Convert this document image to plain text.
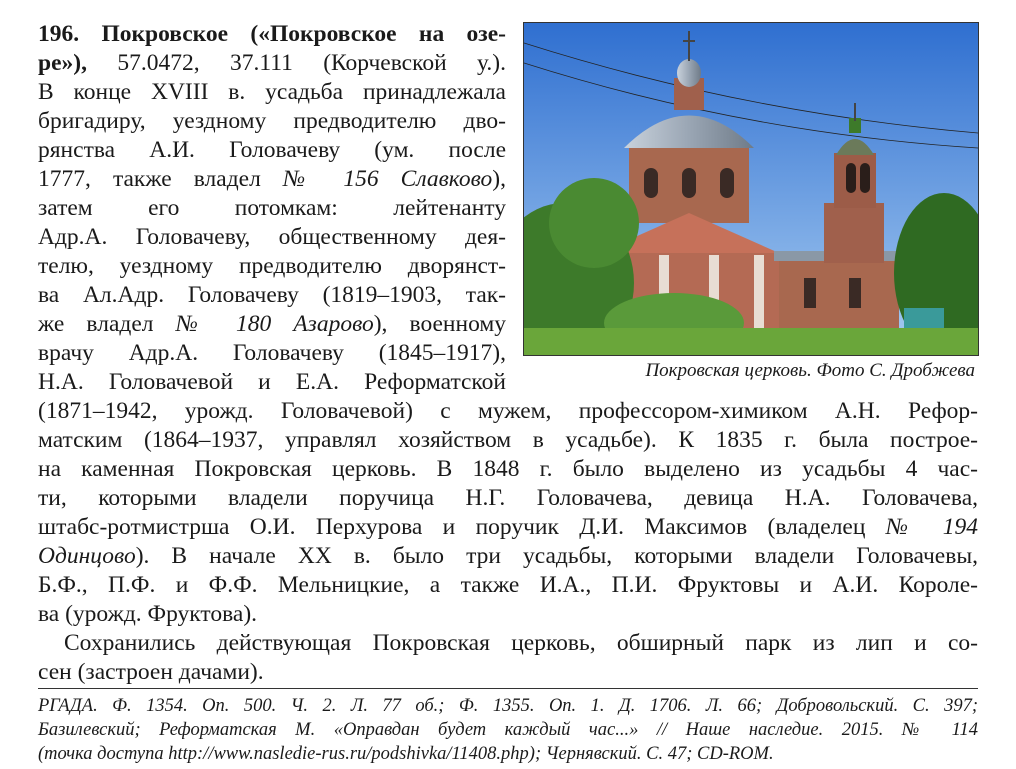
196. Покровское («Покровское на озе-
ре»), 57.0472, 37.111 (Корчевской у.).
В конце XVIII в. усадьба принадлежала
бригадиру, уездному предводителю дво-
рянства А.И. Головачеву (ум. после
1777, также владел № 156 Славково),
затем его потомкам: лейтенанту
Адр.А. Головачеву, общественному дея-
телю, уездному предводителю дворянст-
ва Ал.Адр. Головачеву (1819–1903, так-
же владел № 180 Азарово), военному
врачу Адр.А. Головачеву (1845–1917),
Н.А. Головачевой и Е.А. Реформатской
(1871–1942, урожд. Головачевой) с мужем, профессором-химиком А.Н. Рефор-
матским (1864–1937, управлял хозяйством в усадьбе). К 1835 г. была построе-
на каменная Покровская церковь. В 1848 г. было выделено из усадьбы 4 час-
ти, которыми владели поручица Н.Г. Головачева, девица Н.А. Головачева,
штабс-ротмистрша О.И. Перхурова и поручик Д.И. Максимов (владелец № 194
Одинцово). В начале XX в. было три усадьбы, которыми владели Головачевы,
Б.Ф., П.Ф. и Ф.Ф. Мельницкие, а также И.А., П.И. Фруктовы и А.И. Королe-
ва (урожд. Фруктова).
Сохранились действующая Покровская церковь, обширный парк из лип и со-
сен (застроен дачами).
Покровская церковь. Фото С. Дробжева
РГАДА. Ф. 1354. Оп. 500. Ч. 2. Л. 77 об.; Ф. 1355. Оп. 1. Д. 1706. Л. 66; Добровольский. С. 397;
Базилевский; Реформатская М. «Оправдан будет каждый час...» // Наше наследие. 2015. № 114
(точка доступа http://www.nasledie-rus.ru/podshivka/11408.php); Чернявский. С. 47; CD-ROM.
